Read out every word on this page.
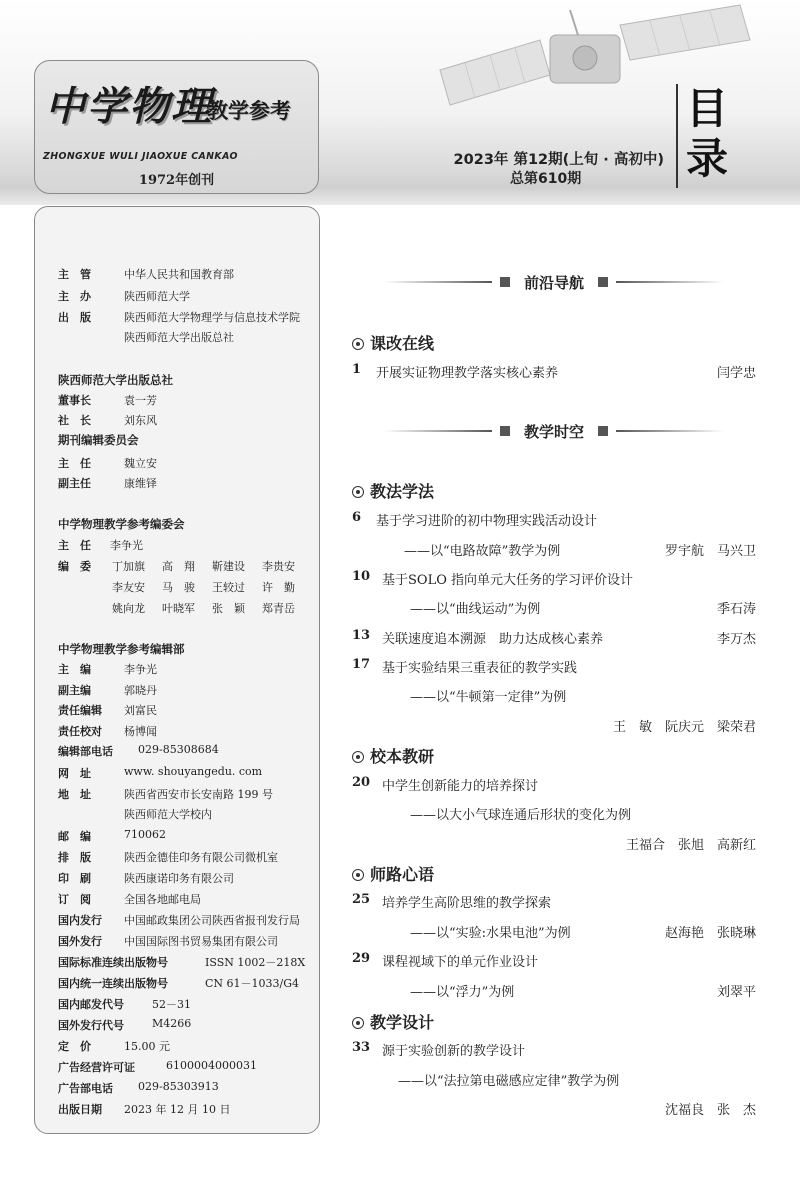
中学物理
教学参考
ZHONGXUE WULI JIAOXUE CANKAO
1972年创刊
2023年 第12期(上旬 · 高初中)
总第610期
目
录
主　管	中华人民共和国教育部
主　办	陕西师范大学
出　版	陕西师范大学物理学与信息技术学院
陕西师范大学出版总社
陕西师范大学出版总社
董事长	袁一芳
社　长	刘东风
期刊编辑委员会
主　任	魏立安
副主任	康维铎
中学物理教学参考编委会
主　任 李争光
编　委 丁加旗 高　翔 靳建设 李贵安
李友安 马　骏 王较过 许　勤
姚向龙 叶晓军 张　颖 郑青岳
中学物理教学参考编辑部
主　编	李争光
副主编	郭晓丹
责任编辑 刘富民
责任校对 杨博闻
编辑部电话 029-85308684
网　址	www. shouyangedu. com
地　址	陕西省西安市长安南路 199 号
陕西师范大学校内
邮　编	710062
排　版	陕西金德佳印务有限公司微机室
印　刷	陕西康诺印务有限公司
订　阅	全国各地邮电局
国内发行 中国邮政集团公司陕西省报刊发行局
国外发行 中国国际图书贸易集团有限公司
国际标准连续出版物号	ISSN 1002－218X
国内统一连续出版物号	CN 61－1033/G4
国内邮发代号	52－31
国外发行代号	M4266
定　价	15.00 元
广告经营许可证	6100004000031
广告部电话 029-85303913
出版日期 2023 年 12 月 10 日
前沿导航
课改在线
1 开展实证物理教学落实核心素养	闫学忠
教学时空
教法学法
6 基于学习进阶的初中物理实践活动设计
——以“电路故障”教学为例	罗宇航　马兴卫
10 基于SOLO 指向单元大任务的学习评价设计
——以“曲线运动”为例	季石涛
13 关联速度追本溯源　助力达成核心素养	李万杰
17 基于实验结果三重表征的教学实践
——以“牛顿第一定律”为例
王　敏　阮庆元　梁荣君
校本教研
20 中学生创新能力的培养探讨
——以大小气球连通后形状的变化为例
王福合　张旭　高新红
师路心语
25 培养学生高阶思维的教学探索
——以“实验:水果电池”为例	赵海艳　张晓琳
29 课程视域下的单元作业设计
——以“浮力”为例	刘翠平
教学设计
33 源于实验创新的教学设计
——以“法拉第电磁感应定律”教学为例
沈福良　张　杰
